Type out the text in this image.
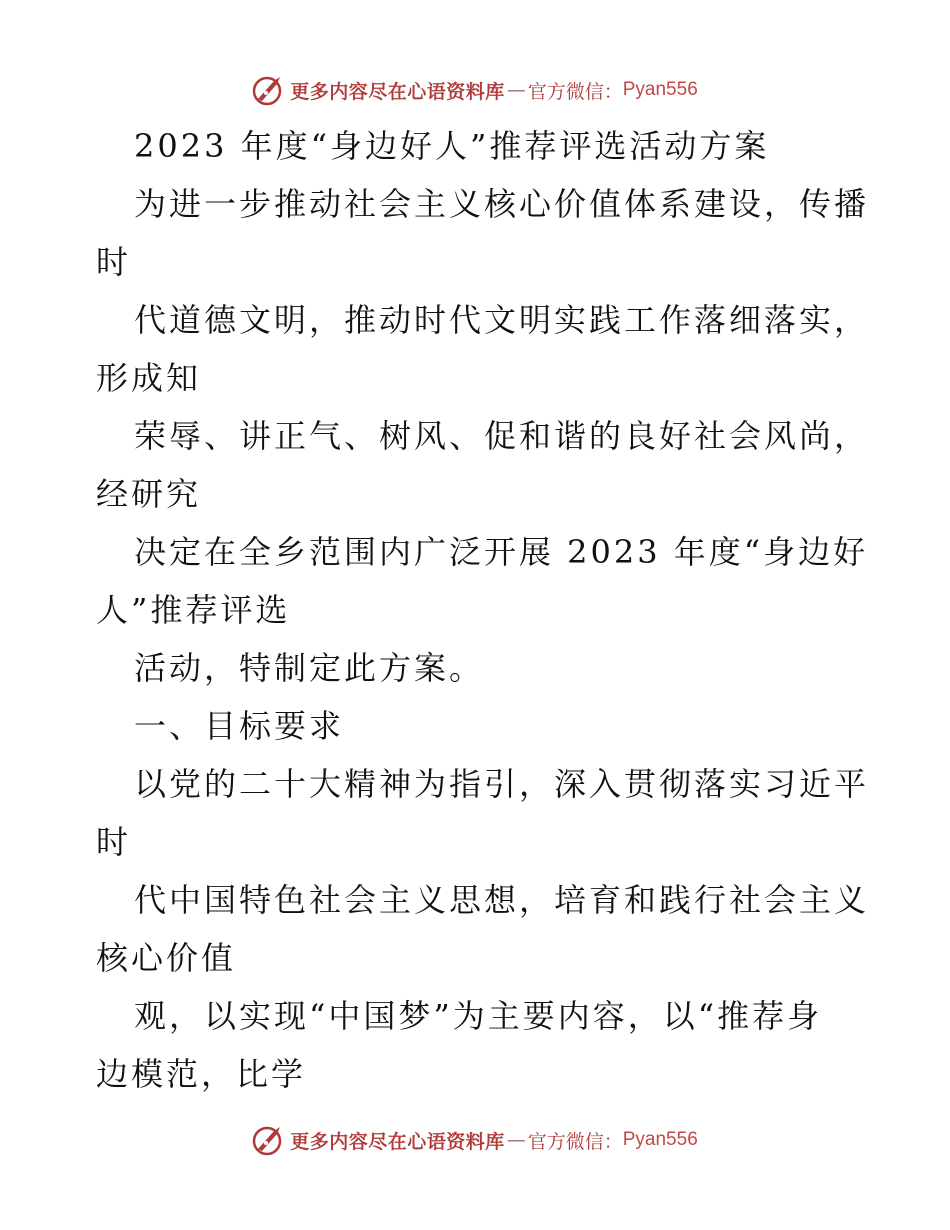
更多内容尽在心语资料库 — 官方微信： Pyan556
2023 年度“身边好人”推荐评选活动方案
为进一步推动社会主义核心价值体系建设，传播
时
代道德文明，推动时代文明实践工作落细落实，
形成知
荣辱、讲正气、树风、促和谐的良好社会风尚，
经研究
决定在全乡范围内广泛开展 2023 年度“身边好
人”推荐评选
活动，特制定此方案。
一、目标要求
以党的二十大精神为指引，深入贯彻落实习近平
时
代中国特色社会主义思想，培育和践行社会主义
核心价值
观，以实现“中国梦”为主要内容，以“推荐身
边模范，比学
更多内容尽在心语资料库 — 官方微信： Pyan556
